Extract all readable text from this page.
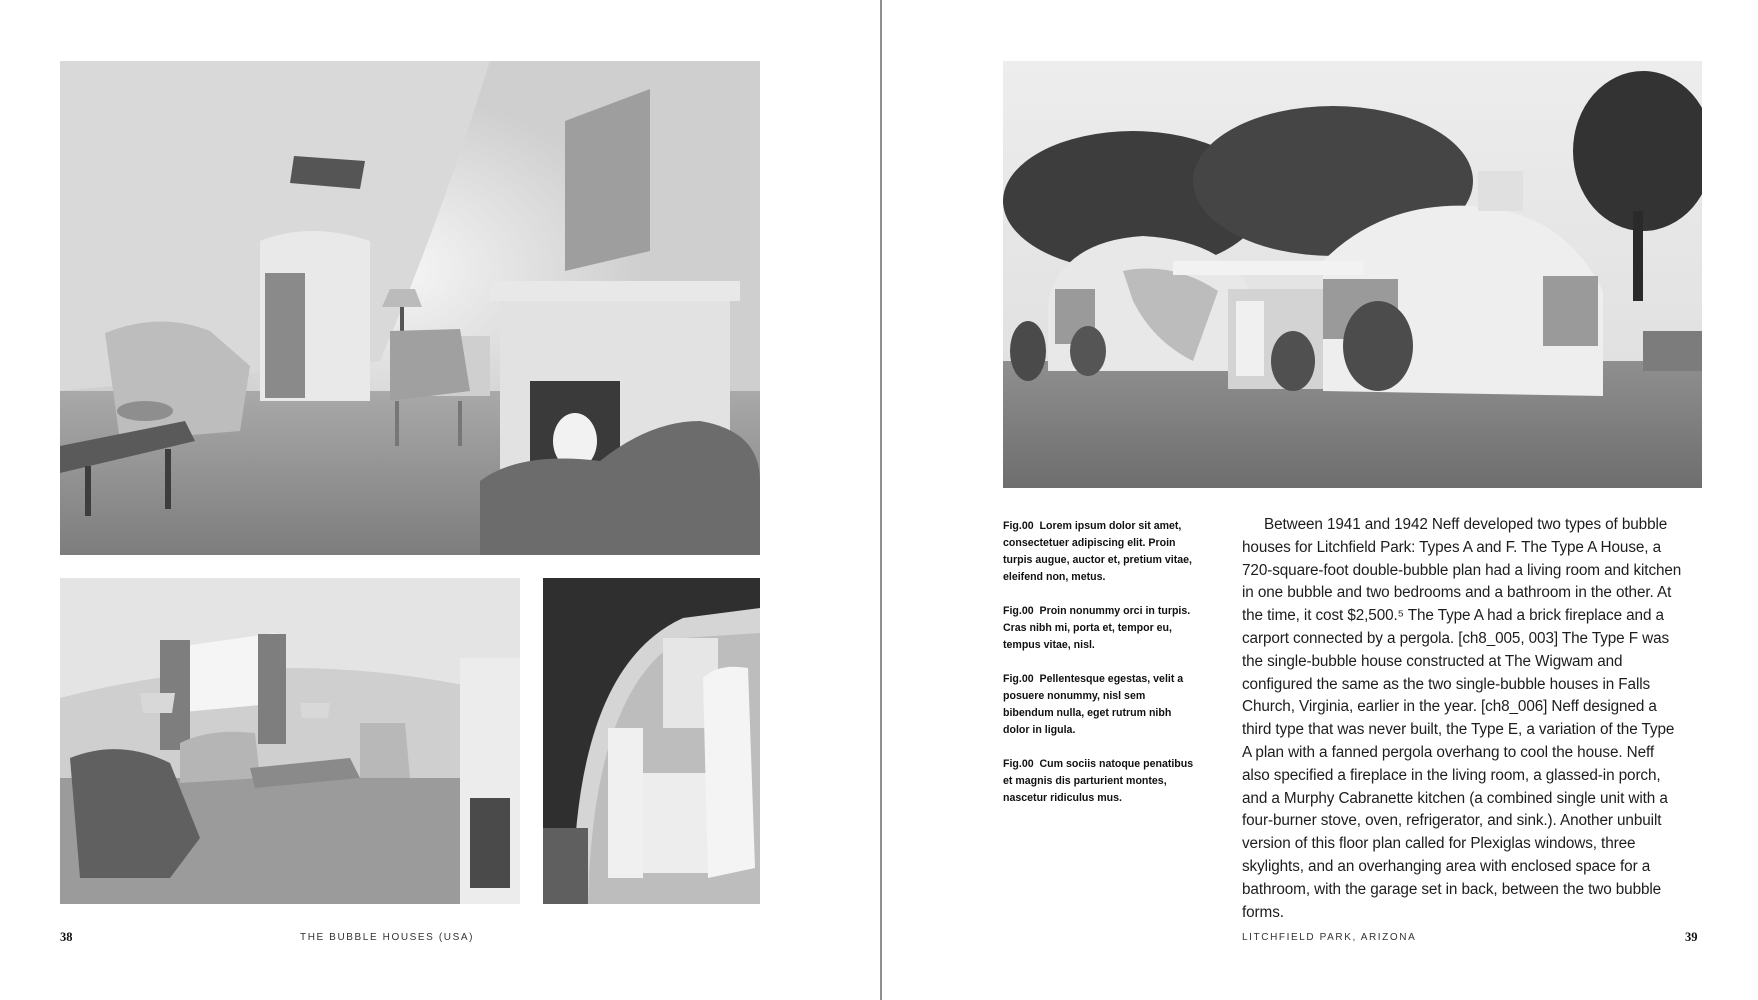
38	THE BUBBLE HOUSES (USA)

Fig.00 Lorem ipsum dolor sit amet, consectetuer adipiscing elit. Proin turpis augue, auctor et, pretium vitae, eleifend non, metus.

Fig.00 Proin nonummy orci in turpis. Cras nibh mi, porta et, tempor eu, tempus vitae, nisl.

Fig.00 Pellentesque egestas, velit a posuere nonummy, nisl sem bibendum nulla, eget rutrum nibh dolor in ligula.

Fig.00 Cum sociis natoque penatibus et magnis dis parturient montes, nascetur ridiculus mus.

Between 1941 and 1942 Neff developed two types of bubble houses for Litchfield Park: Types A and F. The Type A House, a 720-square-foot double-bubble plan had a living room and kitchen in one bubble and two bedrooms and a bathroom in the other. At the time, it cost $2,500.⁵ The Type A had a brick fireplace and a carport connected by a pergola. [ch8_005, 003] The Type F was the single-bubble house constructed at The Wigwam and configured the same as the two single-bubble houses in Falls Church, Virginia, earlier in the year. [ch8_006] Neff designed a third type that was never built, the Type E, a variation of the Type A plan with a fanned pergola overhang to cool the house. Neff also specified a fireplace in the living room, a glassed-in porch, and a Murphy Cabranette kitchen (a combined single unit with a four-burner stove, oven, refrigerator, and sink.). Another unbuilt version of this floor plan called for Plexiglas windows, three skylights, and an overhanging area with enclosed space for a bathroom, with the garage set in back, between the two bubble forms.

LITCHFIELD PARK, ARIZONA	39
